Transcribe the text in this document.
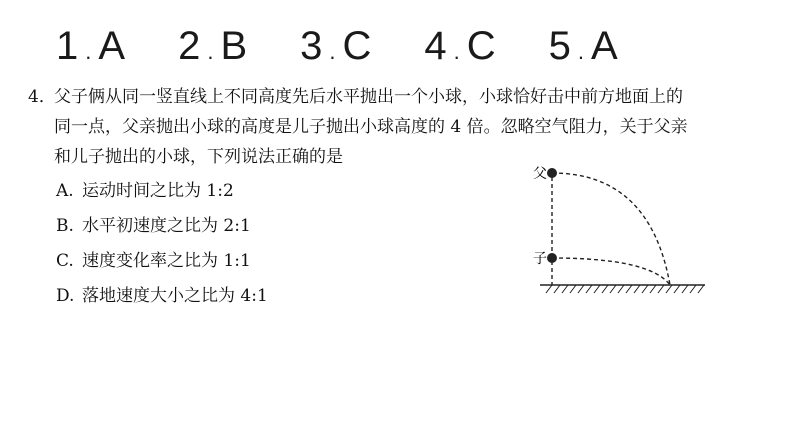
1 . A 2 . B 3 . C 4 . C 5 . A
4．父子俩从同一竖直线上不同高度先后水平抛出一个小球，小球恰好击中前方地面上的
同一点，父亲抛出小球的高度是儿子抛出小球高度的 4 倍。忽略空气阻力，关于父亲
和儿子抛出的小球，下列说法正确的是
A. 运动时间之比为 1:2
B. 水平初速度之比为 2:1
C. 速度变化率之比为 1:1
D. 落地速度大小之比为 4:1
父
子
